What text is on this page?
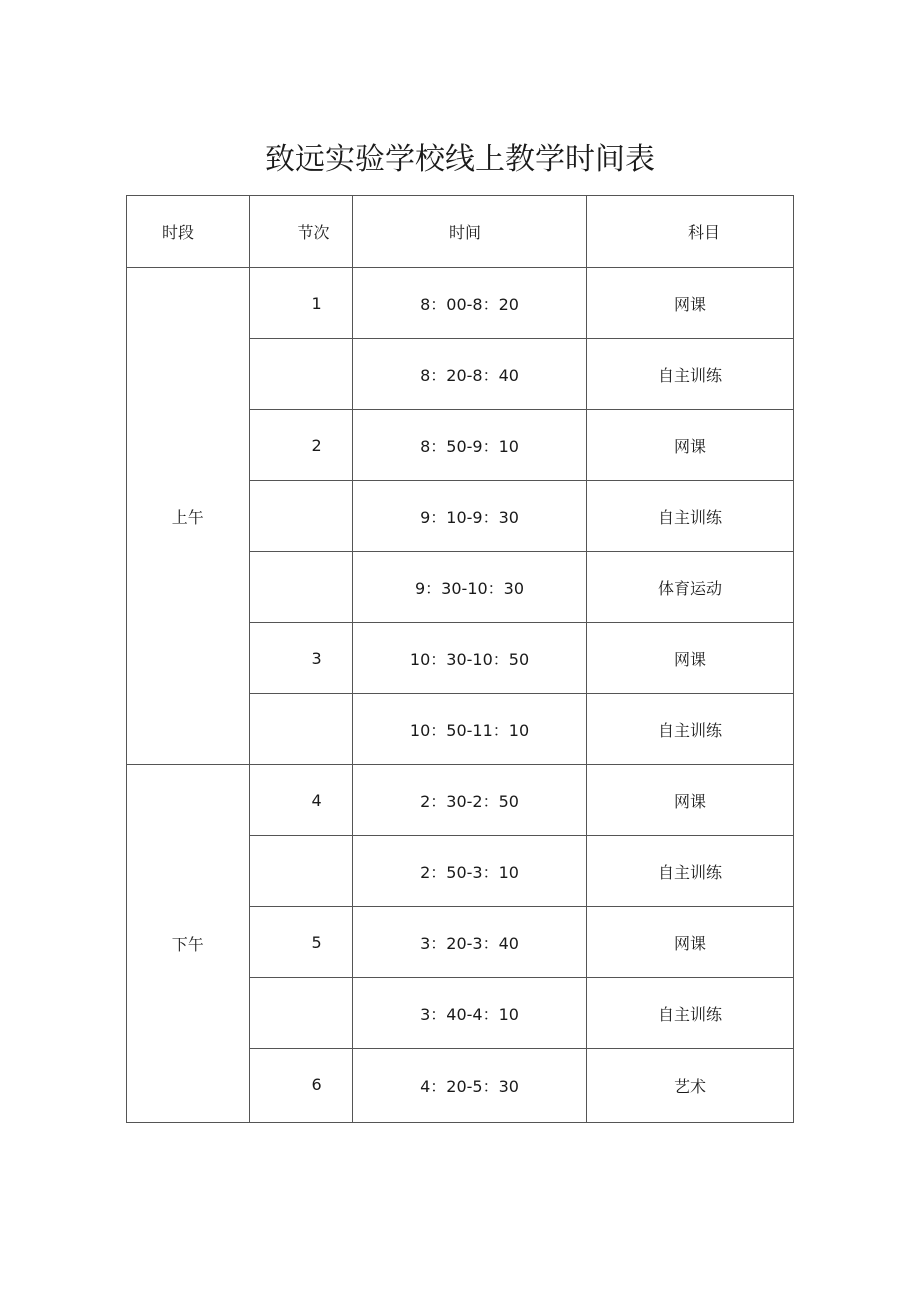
致远实验学校线上教学时间表
时段	节次	时间	科目
上午	1	8：00-8：20	网课
		8：20-8：40	自主训练
	2	8：50-9：10	网课
		9：10-9：30	自主训练
		9：30-10：30	体育运动
	3	10：30-10：50	网课
		10：50-11：10	自主训练
下午	4	2：30-2：50	网课
		2：50-3：10	自主训练
	5	3：20-3：40	网课
		3：40-4：10	自主训练
	6	4：20-5：30	艺术
